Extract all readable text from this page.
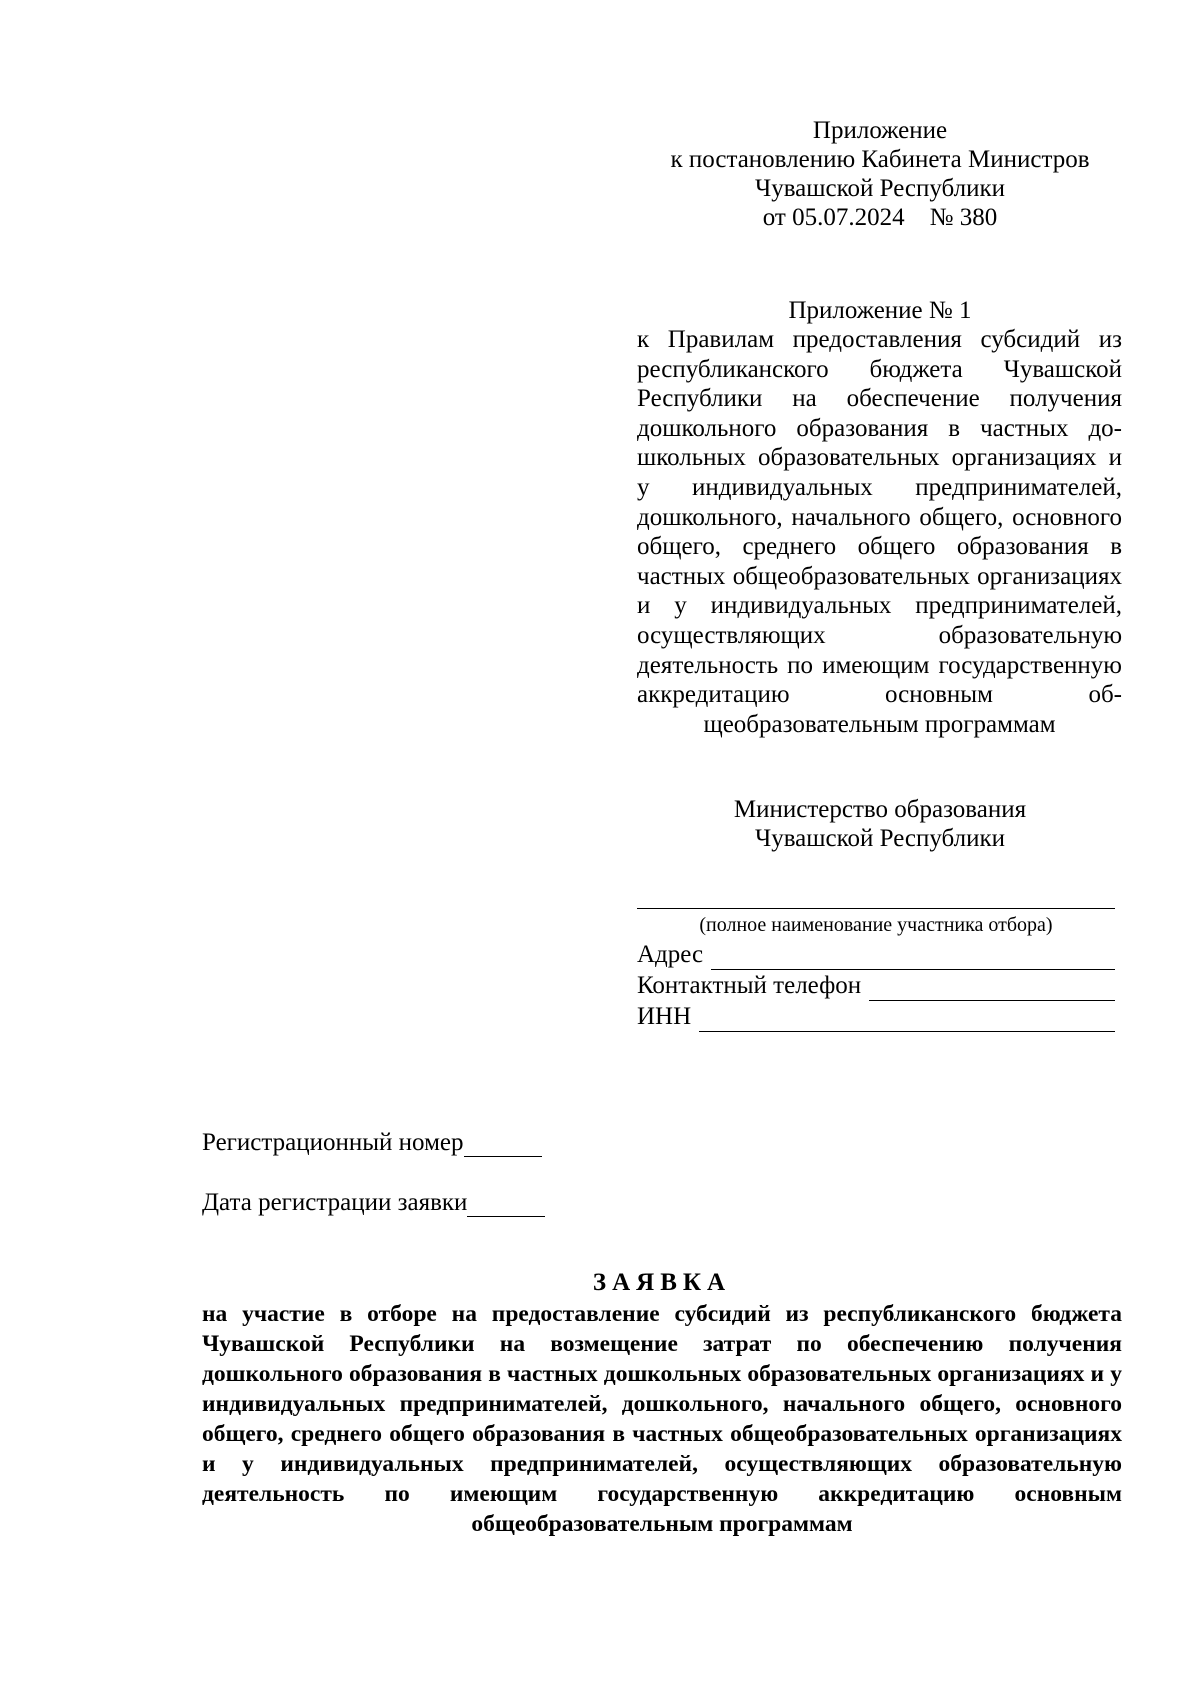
Приложение
к постановлению Кабинета Министров
Чувашской Республики
от 05.07.2024    № 380
Приложение № 1
к Правилам предоставления субсидий из республиканского бюджета Чувашской Республики на обеспечение получения дошкольного образования в частных дошкольных образовательных организациях и у индивидуальных предпринимателей, дошкольного, начального общего, основного общего, среднего общего образования в частных общеобразовательных организациях и у индивидуальных предпринимателей, осуществляющих образовательную деятельность по имеющим государственную аккредитацию основным общеобразовательным программам
Министерство образования
Чувашской Республики
(полное наименование участника отбора)
Адрес
Контактный телефон
ИНН
Регистрационный номер
Дата регистрации заявки
ЗАЯВКА
на участие в отборе на предоставление субсидий из республиканского бюджета Чувашской Республики на возмещение затрат по обеспечению получения дошкольного образования в частных дошкольных образовательных организациях и у индивидуальных предпринимателей, дошкольного, начального общего, основного общего, среднего общего образования в частных общеобразовательных организациях и у индивидуальных предпринимателей, осуществляющих образовательную деятельность по имеющим государственную аккредитацию основным общеобразовательным программам
